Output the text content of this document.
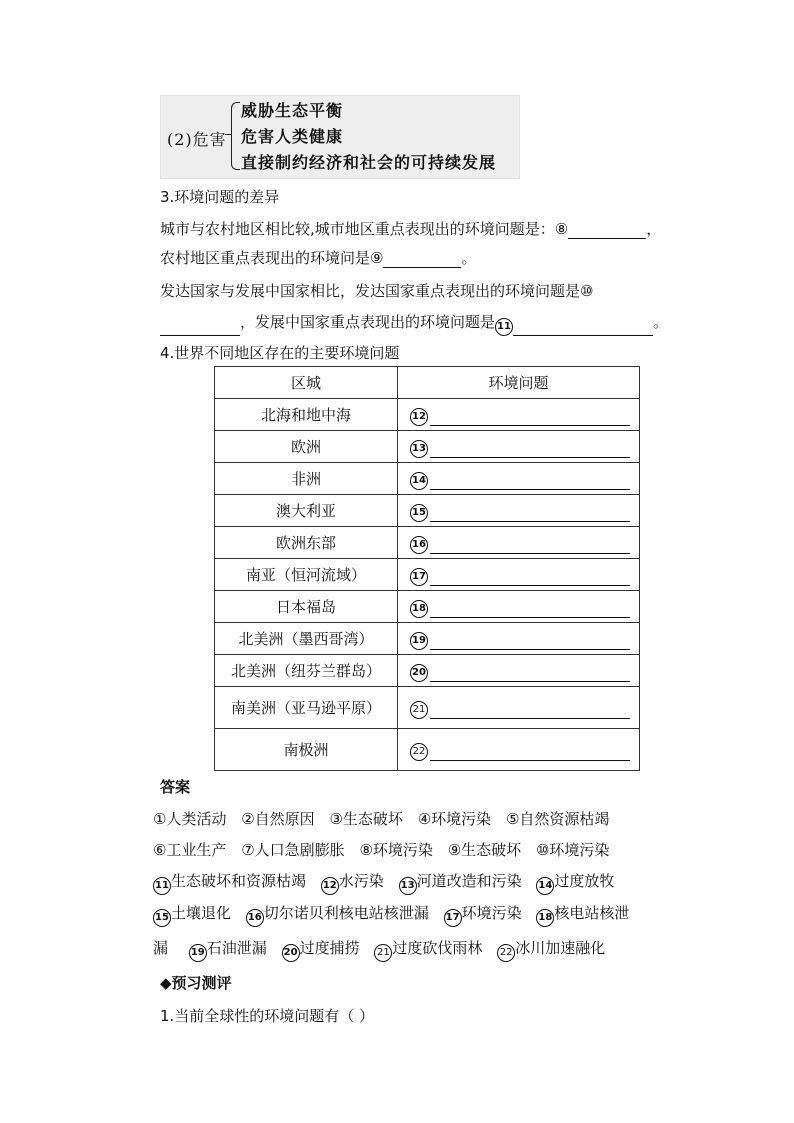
(2)危害
威胁生态平衡
危害人类健康
直接制约经济和社会的可持续发展
3.环境问题的差异
城市与农村地区相比较,城市地区重点表现出的环境问题是：⑧	，
农村地区重点表现出的环境问是⑨	。
发达国家与发展中国家相比，发达国家重点表现出的环境问题是⑩
，发展中国家重点表现出的环境问题是 11	。
4.世界不同地区存在的主要环境问题
区城	环境问题
北海和地中海	12
欧洲	13
非洲	14
澳大利亚	15
欧洲东部	16
南亚（恒河流域）	17
日本福岛	18
北美洲（墨西哥湾）	19
北美洲（纽芬兰群岛）	20
南美洲（亚马逊平原）	21
南极洲	22
答案
①人类活动 ②自然原因 ③生态破坏 ④环境污染 ⑤自然资源枯竭
⑥工业生产 ⑦人口急剧膨胀 ⑧环境污染 ⑨生态破坏 ⑩环境污染
11 生态破坏和资源枯竭 12 水污染 13 河道改造和污染 14 过度放牧
15 土壤退化 16 切尔诺贝利核电站核泄漏 17 环境污染 18 核电站核泄
漏 19 石油泄漏 20 过度捕捞 21 过度砍伐雨林 22 冰川加速融化
◆预习测评
1.当前全球性的环境问题有（ ）
